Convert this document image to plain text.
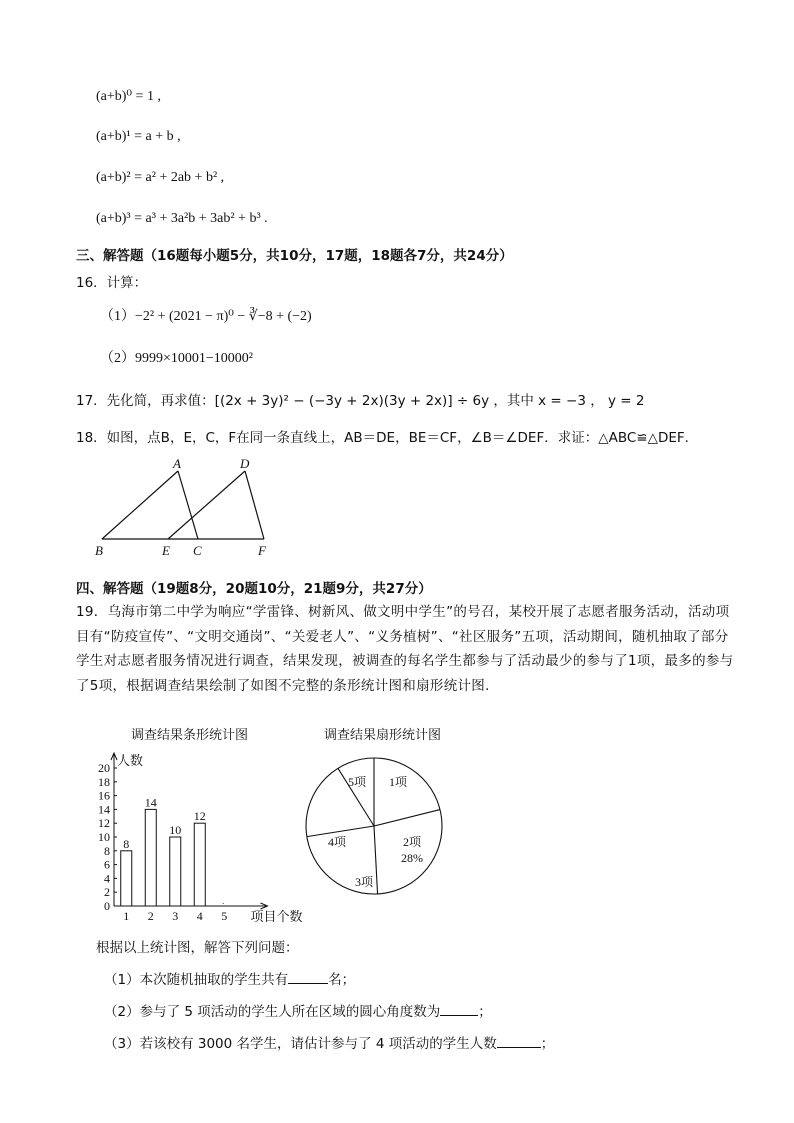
(a+b)⁰ = 1 ,
(a+b)¹ = a + b ,
(a+b)² = a² + 2ab + b² ,
(a+b)³ = a³ + 3a²b + 3ab² + b³ .
三、解答题（16题每小题5分，共10分，17题，18题各7分，共24分）
16．计算：
（1）−2² + (2021 − π)⁰ − ∛−8 + (−2)
（2）9999×10001−10000²
17．先化简，再求值：[(2x + 3y)² − (−3y + 2x)(3y + 2x)] ÷ 6y ，其中 x = −3 ， y = 2
18．如图，点B，E，C，F在同一条直线上，AB＝DE，BE＝CF，∠B＝∠DEF．求证：△ABC≌△DEF．
A	D
B	E C	F
四、解答题（19题8分，20题10分，21题9分，共27分）
19．乌海市第二中学为响应“学雷锋、树新风、做文明中学生”的号召，某校开展了志愿者服务活动，活动项目有“防疫宣传”、“文明交通岗”、“关爱老人”、“义务植树”、“社区服务”五项，活动期间，随机抽取了部分学生对志愿者服务情况进行调查，结果发现，被调查的每名学生都参与了活动最少的参与了1项，最多的参与了5项，根据调查结果绘制了如图不完整的条形统计图和扇形统计图．
调查结果条形统计图
人数
项目个数
0
2
4
6
8
10
12
14
16
18
20
1
8
2
14
3
10
4
12
5
.
调查结果扇形统计图
1项
2项
28%
3项
4项
5项
根据以上统计图，解答下列问题：
（1）本次随机抽取的学生共有	名；
（2）参与了 5 项活动的学生人所在区域的圆心角度数为	；
（3）若该校有 3000 名学生，请估计参与了 4 项活动的学生人数	；
